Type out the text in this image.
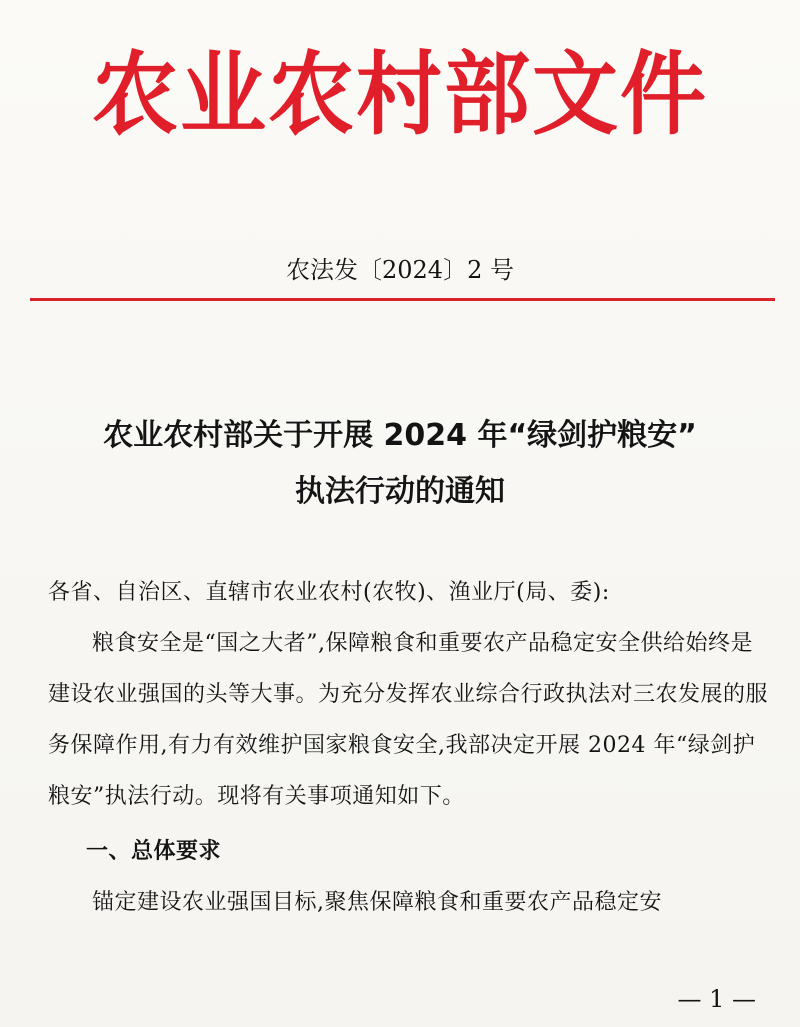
农业农村部文件
农法发〔2024〕2 号
农业农村部关于开展 2024 年“绿剑护粮安”
执法行动的通知

各省、自治区、直辖市农业农村(农牧)、渔业厅(局、委):

粮食安全是“国之大者”,保障粮食和重要农产品稳定安全供给始终是建设农业强国的头等大事。为充分发挥农业综合行政执法对三农发展的服务保障作用,有力有效维护国家粮食安全,我部决定开展 2024 年“绿剑护粮安”执法行动。现将有关事项通知如下。

一、总体要求

锚定建设农业强国目标,聚焦保障粮食和重要农产品稳定安

— 1 —
